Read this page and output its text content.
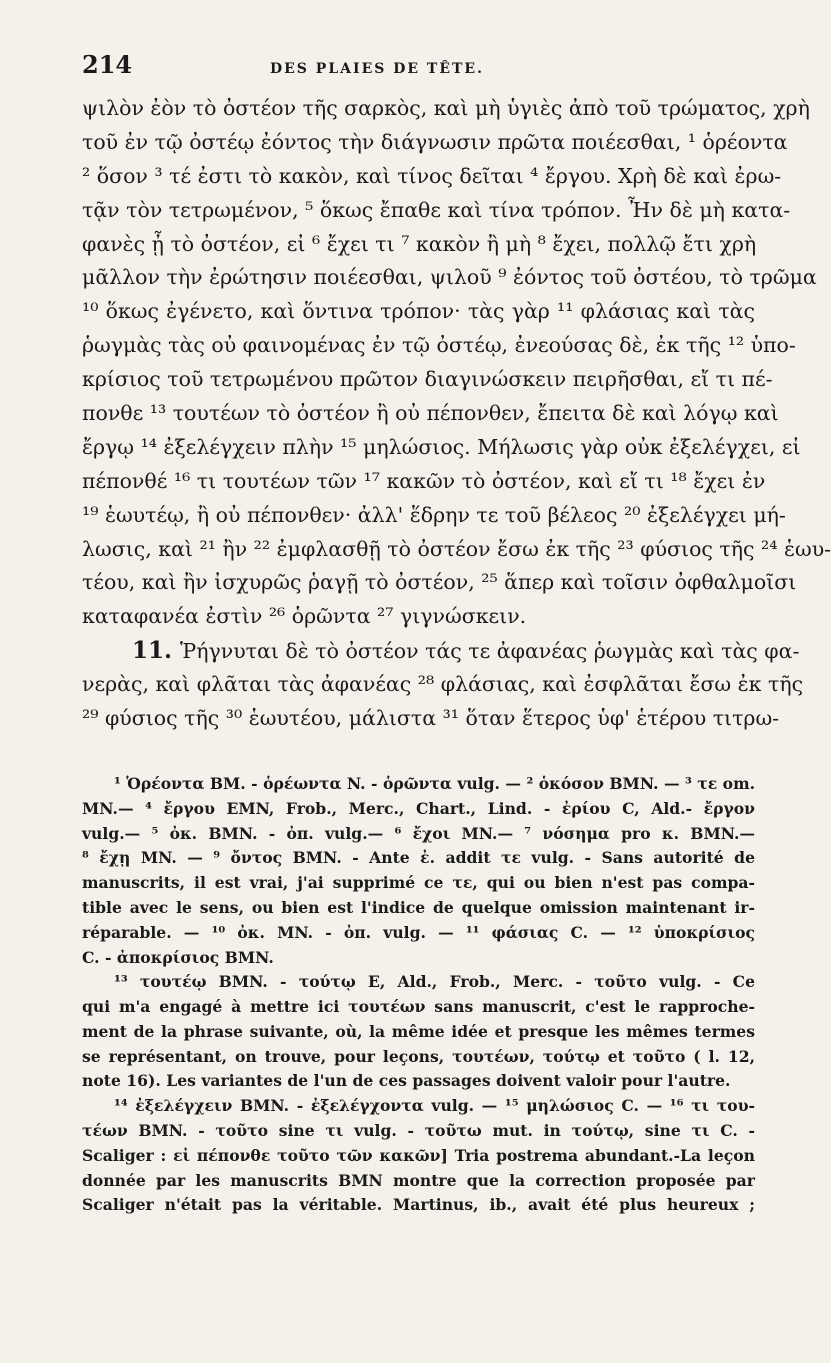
214	DES PLAIES DE TÊTE.
ψιλὸν ἐὸν τὸ ὀστέον τῆς σαρκὸς, καὶ μὴ ὑγιὲς ἀπὸ τοῦ τρώματος, χρὴ
τοῦ ἐν τῷ ὀστέῳ ἐόντος τὴν διάγνωσιν πρῶτα ποιέεσθαι, ¹ ὁρέοντα
² ὅσον ³ τέ ἐστι τὸ κακὸν, καὶ τίνος δεῖται ⁴ ἔργου. Χρὴ δὲ καὶ ἐρω-
τᾷν τὸν τετρωμένον, ⁵ ὅκως ἔπαθε καὶ τίνα τρόπον. Ἦν δὲ μὴ κατα-
φανὲς ᾖ τὸ ὀστέον, εἰ ⁶ ἔχει τι ⁷ κακὸν ἢ μὴ ⁸ ἔχει, πολλῷ ἔτι χρὴ
μᾶλλον τὴν ἐρώτησιν ποιέεσθαι, ψιλοῦ ⁹ ἐόντος τοῦ ὀστέου, τὸ τρῶμα
¹⁰ ὅκως ἐγένετο, καὶ ὅντινα τρόπον· τὰς γὰρ ¹¹ φλάσιας καὶ τὰς
ῥωγμὰς τὰς οὐ φαινομένας ἐν τῷ ὀστέῳ, ἐνεούσας δὲ, ἐκ τῆς ¹² ὑπο-
κρίσιος τοῦ τετρωμένου πρῶτον διαγινώσκειν πειρῆσθαι, εἴ τι πέ-
πονθε ¹³ τουτέων τὸ ὀστέον ἢ οὐ πέπονθεν, ἔπειτα δὲ καὶ λόγῳ καὶ
ἔργῳ ¹⁴ ἐξελέγχειν πλὴν ¹⁵ μηλώσιος. Μήλωσις γὰρ οὐκ ἐξελέγχει, εἰ
πέπονθέ ¹⁶ τι τουτέων τῶν ¹⁷ κακῶν τὸ ὀστέον, καὶ εἴ τι ¹⁸ ἔχει ἐν
¹⁹ ἑωυτέῳ, ἢ οὐ πέπονθεν· ἀλλ' ἕδρην τε τοῦ βέλεος ²⁰ ἐξελέγχει μή-
λωσις, καὶ ²¹ ἢν ²² ἐμφλασθῇ τὸ ὀστέον ἔσω ἐκ τῆς ²³ φύσιος τῆς ²⁴ ἑωυ-
τέου, καὶ ἢν ἰσχυρῶς ῥαγῇ τὸ ὀστέον, ²⁵ ἅπερ καὶ τοῖσιν ὀφθαλμοῖσι
καταφανέα ἐστὶν ²⁶ ὁρῶντα ²⁷ γιγνώσκειν.
11. Ῥήγνυται δὲ τὸ ὀστέον τάς τε ἀφανέας ῥωγμὰς καὶ τὰς φα-
νερὰς, καὶ φλᾶται τὰς ἀφανέας ²⁸ φλάσιας, καὶ ἐσφλᾶται ἔσω ἐκ τῆς
²⁹ φύσιος τῆς ³⁰ ἑωυτέου, μάλιστα ³¹ ὅταν ἕτερος ὑφ' ἑτέρου τιτρω-
¹ Ὁρέοντα BM. - ὁρέωντα N. - ὁρῶντα vulg. — ² ὁκόσον BMN. — ³ τε om.
MN.— ⁴ ἔργου EMN, Frob., Merc., Chart., Lind. - ἐρίου C, Ald.- ἔργον
vulg.— ⁵ ὀκ. BMN. - ὀπ. vulg.— ⁶ ἔχοι MN.— ⁷ νόσημα pro κ. BMN.—
⁸ ἔχῃ MN. — ⁹ ὄντος BMN. - Ante ἐ. addit τε vulg. - Sans autorité de
manuscrits, il est vrai, j'ai supprimé ce τε, qui ou bien n'est pas compa-
tible avec le sens, ou bien est l'indice de quelque omission maintenant ir-
réparable. — ¹⁰ ὀκ. MN. - ὀπ. vulg. — ¹¹ φάσιας C. — ¹² ὑποκρίσιος
C. - ἀποκρίσιος BMN.
¹³ τουτέῳ BMN. - τούτῳ E, Ald., Frob., Merc. - τοῦτο vulg. - Ce
qui m'a engagé à mettre ici τουτέων sans manuscrit, c'est le rapproche-
ment de la phrase suivante, où, la même idée et presque les mêmes termes
se représentant, on trouve, pour leçons, τουτέων, τούτῳ et τοῦτο ( l. 12,
note 16). Les variantes de l'un de ces passages doivent valoir pour l'autre.
¹⁴ ἐξελέγχειν BMN. - ἐξελέγχοντα vulg. — ¹⁵ μηλώσιος C. — ¹⁶ τι του-
τέων BMN. - τοῦτο sine τι vulg. - τοῦτω mut. in τούτῳ, sine τι C. -
Scaliger : εἰ πέπονθε τοῦτο τῶν κακῶν] Tria postrema abundant.-La leçon
donnée par les manuscrits BMN montre que la correction proposée par
Scaliger n'était pas la véritable. Martinus, ib., avait été plus heureux ;
